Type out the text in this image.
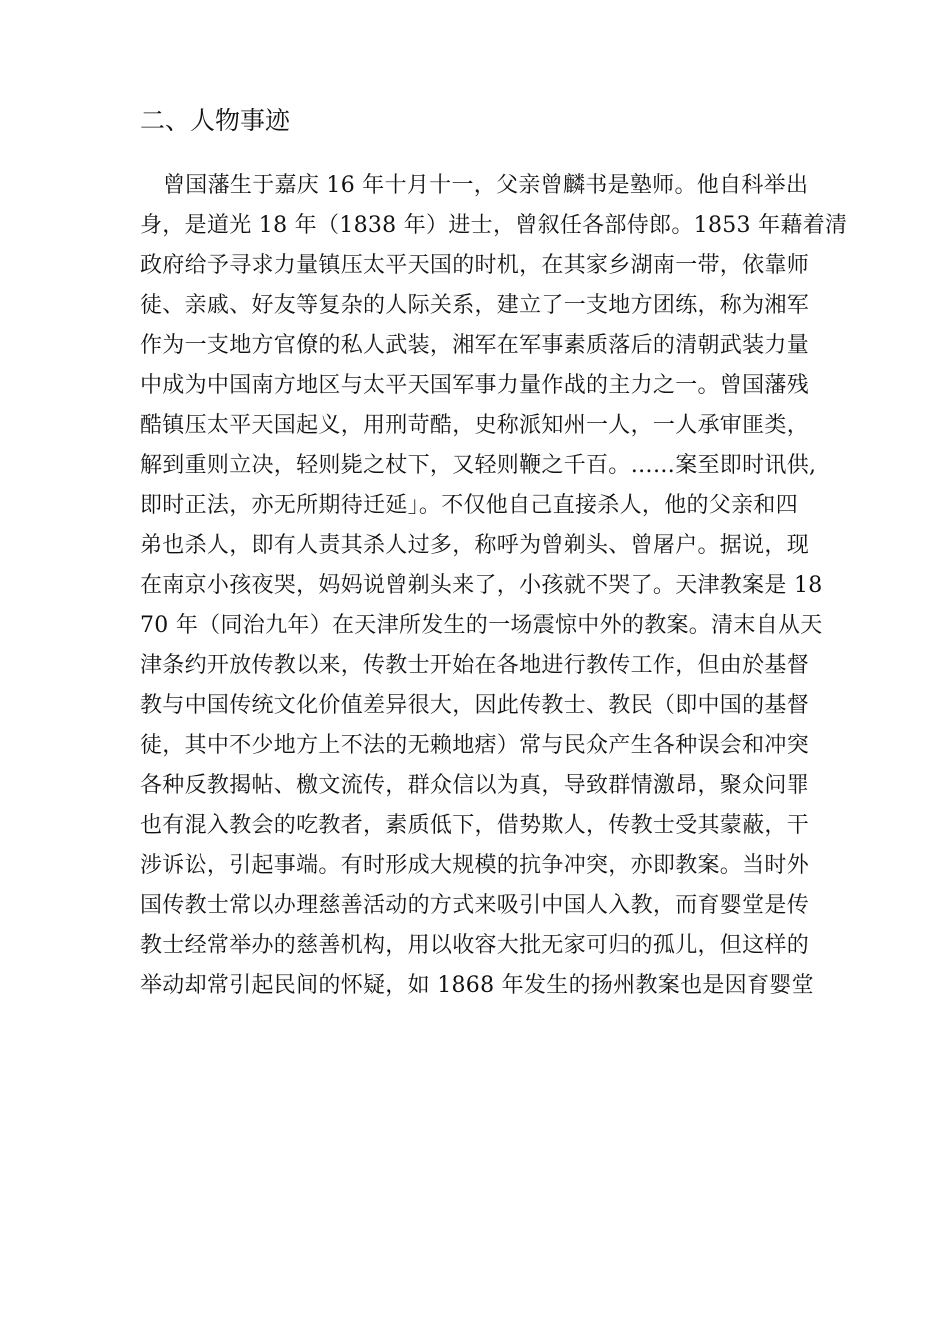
二、人物事迹
曾国藩生于嘉庆 16 年十月十一，父亲曾麟书是塾师。他自科举出
身，是道光 18 年（1838 年）进士，曾叙任各部侍郎。1853 年藉着清
政府给予寻求力量镇压太平天国的时机，在其家乡湖南一带，依靠师
徒、亲戚、好友等复杂的人际关系，建立了一支地方团练，称为湘军
作为一支地方官僚的私人武装，湘军在军事素质落后的清朝武装力量
中成为中国南方地区与太平天国军事力量作战的主力之一。曾国藩残
酷镇压太平天国起义，用刑苛酷，史称派知州一人，一人承审匪类，
解到重则立决，轻则毙之杖下，又轻则鞭之千百。……案至即时讯供,
即时正法，亦无所期待迁延」。不仅他自己直接杀人，他的父亲和四
弟也杀人，即有人责其杀人过多，称呼为曾剃头、曾屠户。据说，现
在南京小孩夜哭，妈妈说曾剃头来了，小孩就不哭了。天津教案是 18
70 年（同治九年）在天津所发生的一场震惊中外的教案。清末自从天
津条约开放传教以来，传教士开始在各地进行教传工作，但由於基督
教与中国传统文化价值差异很大，因此传教士、教民（即中国的基督
徒，其中不少地方上不法的无赖地痞）常与民众产生各种误会和冲突
各种反教揭帖、檄文流传，群众信以为真，导致群情激昂，聚众问罪
也有混入教会的吃教者，素质低下，借势欺人，传教士受其蒙蔽，干
涉诉讼，引起事端。有时形成大规模的抗争冲突，亦即教案。当时外
国传教士常以办理慈善活动的方式来吸引中国人入教，而育婴堂是传
教士经常举办的慈善机构，用以收容大批无家可归的孤儿，但这样的
举动却常引起民间的怀疑，如 1868 年发生的扬州教案也是因育婴堂
